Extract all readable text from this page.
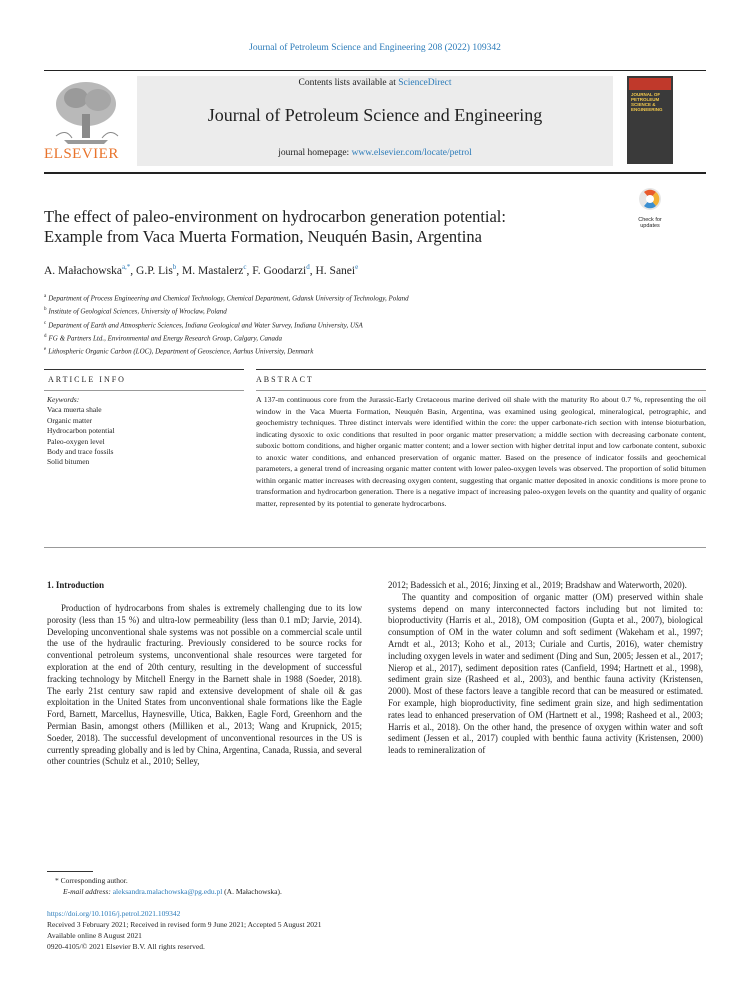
Journal of Petroleum Science and Engineering 208 (2022) 109342
ELSEVIER
Contents lists available at ScienceDirect
Journal of Petroleum Science and Engineering
journal homepage: www.elsevier.com/locate/petrol
JOURNAL OF PETROLEUM SCIENCE & ENGINEERING
Check for updates
The effect of paleo-environment on hydrocarbon generation potential:
Example from Vaca Muerta Formation, Neuquén Basin, Argentina
A. Małachowska$^{a,*}$, G.P. Lis$^b$, M. Mastalerz$^c$, F. Goodarzi$^d$, H. Sanei$^e$
$^a$ Department of Process Engineering and Chemical Technology, Chemical Department, Gdansk University of Technology, Poland
$^b$ Institute of Geological Sciences, University of Wroclaw, Poland
$^c$ Department of Earth and Atmospheric Sciences, Indiana Geological and Water Survey, Indiana University, USA
$^d$ FG & Partners Ltd., Environmental and Energy Research Group, Calgary, Canada
$^e$ Lithospheric Organic Carbon (LOC), Department of Geoscience, Aarhus University, Denmark
ARTICLE INFO	ABSTRACT
Keywords:
Vaca muerta shale
Organic matter
Hydrocarbon potential
Paleo-oxygen level
Body and trace fossils
Solid bitumen
A 137-m continuous core from the Jurassic-Early Cretaceous marine derived oil shale with the maturity Ro about 0.7 %, representing the oil window in the Vaca Muerta Formation, Neuquén Basin, Argentina, was examined using geological, mineralogical, petrographic, and geochemistry techniques. Three distinct intervals were identified within the core: the upper carbonate-rich section with intense bioturbation, indicating dysoxic to oxic conditions that resulted in poor organic matter preservation; a middle section with decreasing carbonate content, suboxic bottom conditions, and higher organic matter content; and a lower section with higher detrital input and low carbonate content, suboxic to anoxic water conditions, and enhanced preservation of organic matter. Based on the presence of indicator fossils and geochemical parameters, a general trend of increasing organic matter content with lower paleo-oxygen levels was observed. The proportion of solid bitumen within organic matter increases with decreasing oxygen content, suggesting that organic matter deposited in anoxic conditions is more prone to transformation and hydrocarbon generation. There is a negative impact of increasing paleo-oxygen levels on the quantity and quality of organic matter, represented by its potential to generate hydrocarbons.
1. Introduction

Production of hydrocarbons from shales is extremely challenging due to its low porosity (less than 15 %) and ultra-low permeability (less than 0.1 mD; Jarvie, 2014). Developing unconventional shale systems was not possible on a commercial scale until the use of the hydraulic fracturing. Previously considered to be source rocks for conventional petroleum systems, unconventional shale resources were targeted for exploration at the end of 20th century, resulting in the development of successful fracking technology by Mitchell Energy in the Barnett shale in 1988 (Soeder, 2018). The early 21st century saw rapid and extensive development of shale oil & gas exploitation in the United States from unconventional shale formations like the Eagle Ford, Barnett, Marcellus, Haynesville, Utica, Bakken, Eagle Ford, Greenhorn and the Permian Basin, amongst others (Milliken et al., 2013; Wang and Krupnick, 2015; Soeder, 2018). The successful development of unconventional resources in the US is currently spreading globally and is led by China, Argentina, Canada, Russia, and several other countries (Schulz et al., 2010; Selley,

2012; Badessich et al., 2016; Jinxing et al., 2019; Bradshaw and Waterworth, 2020).

The quantity and composition of organic matter (OM) preserved within shale systems depend on many interconnected factors including but not limited to: bioproductivity (Harris et al., 2018), OM composition (Gupta et al., 2007), biological consumption of OM in the water column and soft sediment (Wakeham et al., 1997; Arndt et al., 2013; Koho et al., 2013; Curiale and Curtis, 2016), water chemistry including oxygen levels in water and sediment (Ding and Sun, 2005; Jessen et al., 2017; Nierop et al., 2017), sediment deposition rates (Canfield, 1994; Hartnett et al., 1998), sediment grain size (Rasheed et al., 2003), and benthic fauna activity (Kristensen, 2000). Most of these factors leave a tangible record that can be measured or estimated. For example, high bioproductivity, fine sediment grain size, and high sedimentation rates lead to enhanced preservation of OM (Hartnett et al., 1998; Rasheed et al., 2003; Harris et al., 2018). On the other hand, the presence of oxygen within water and soft sediment (Jessen et al., 2017) coupled with benthic fauna activity (Kristensen, 2000) leads to remineralization of

* Corresponding author.
E-mail address: aleksandra.malachowska@pg.edu.pl (A. Małachowska).
https://doi.org/10.1016/j.petrol.2021.109342
Received 3 February 2021; Received in revised form 9 June 2021; Accepted 5 August 2021
Available online 8 August 2021
0920-4105/© 2021 Elsevier B.V. All rights reserved.
